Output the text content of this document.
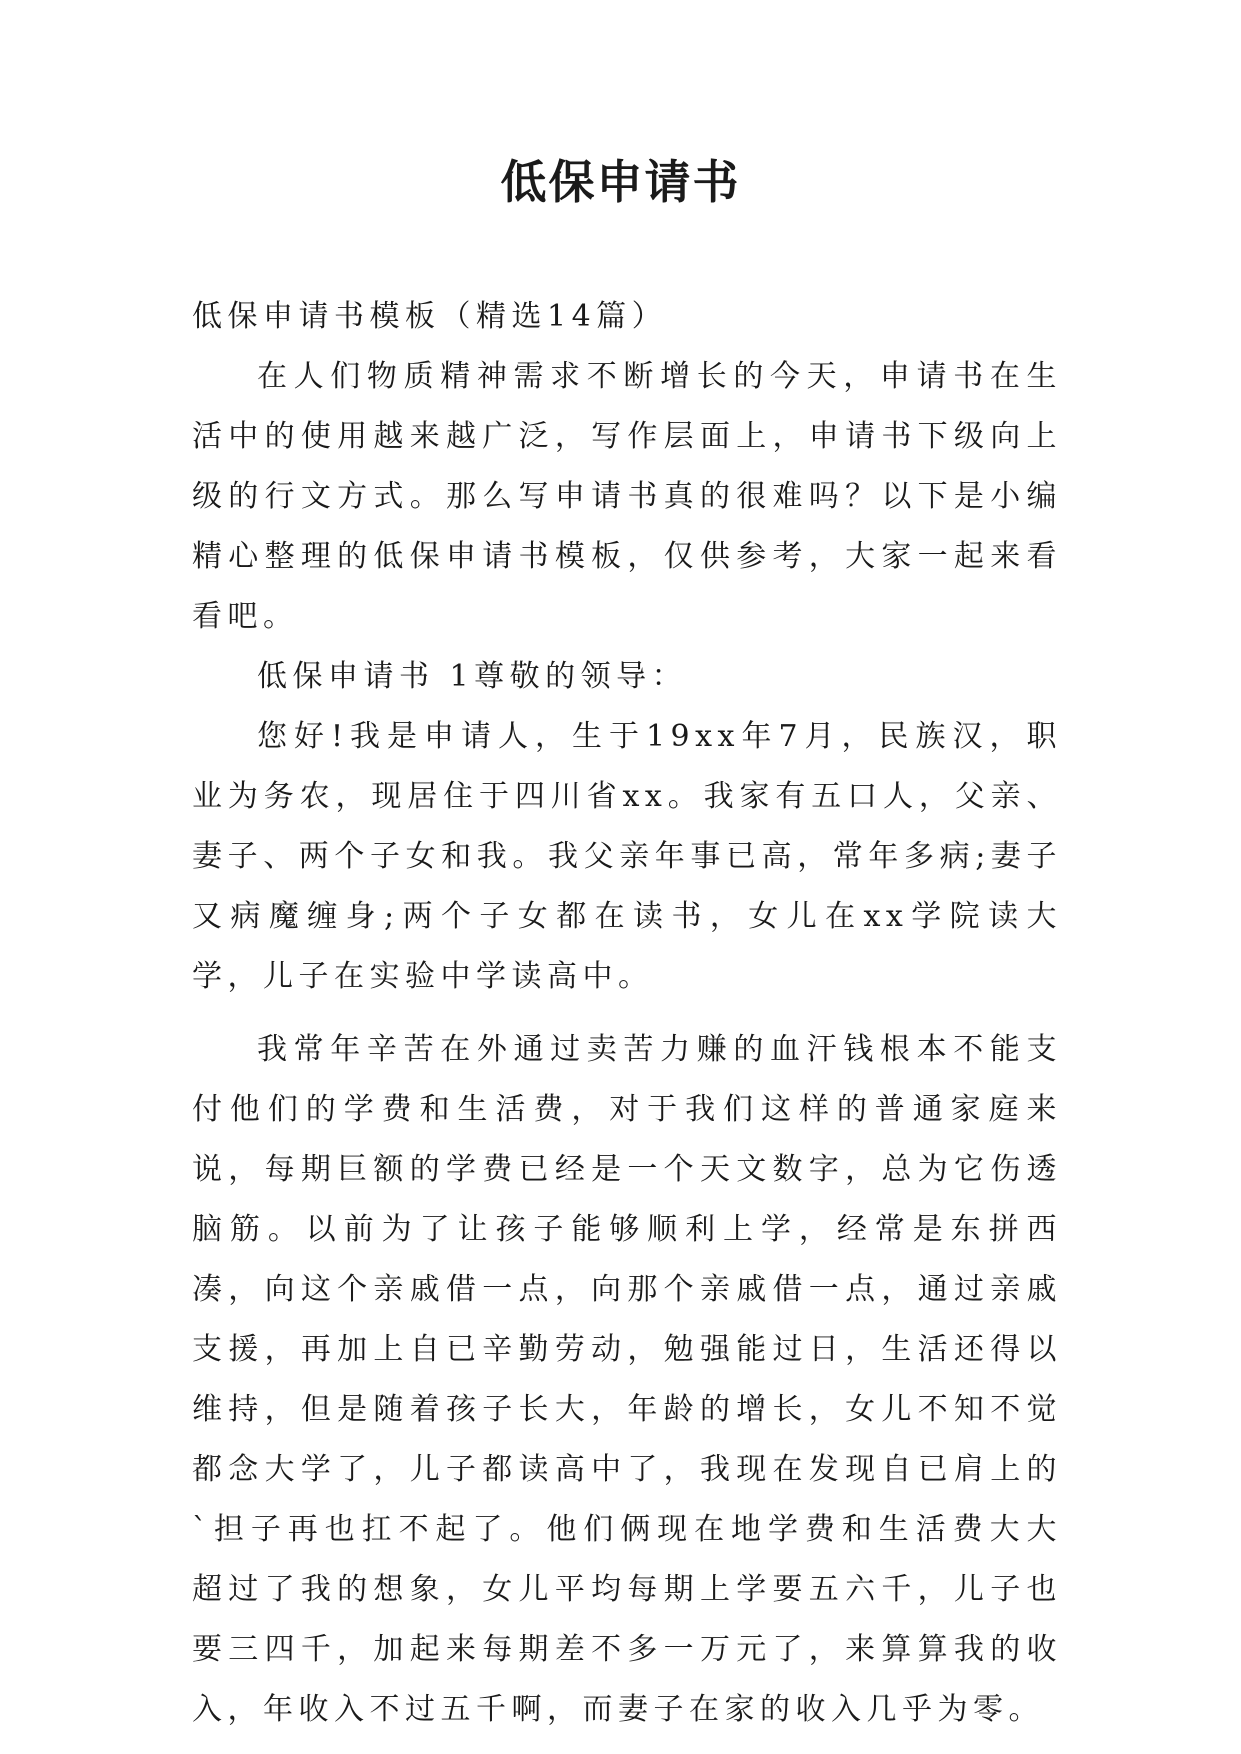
低保申请书

低保申请书模板（精选14篇）

在人们物质精神需求不断增长的今天，申请书在生活中的使用越来越广泛，写作层面上，申请书下级向上级的行文方式。那么写申请书真的很难吗？以下是小编精心整理的低保申请书模板，仅供参考，大家一起来看看吧。

低保申请书 1尊敬的领导：

您好!我是申请人，生于19xx年7月，民族汉，职业为务农，现居住于四川省xx。我家有五口人，父亲、妻子、两个子女和我。我父亲年事已高，常年多病;妻子又病魔缠身;两个子女都在读书，女儿在xx学院读大学，儿子在实验中学读高中。

我常年辛苦在外通过卖苦力赚的血汗钱根本不能支付他们的学费和生活费，对于我们这样的普通家庭来说，每期巨额的学费已经是一个天文数字，总为它伤透脑筋。以前为了让孩子能够顺利上学，经常是东拼西凑，向这个亲戚借一点，向那个亲戚借一点，通过亲戚支援，再加上自已辛勤劳动，勉强能过日，生活还得以维持，但是随着孩子长大，年龄的增长，女儿不知不觉都念大学了，儿子都读高中了，我现在发现自已肩上的`担子再也扛不起了。他们俩现在地学费和生活费大大超过了我的想象，女儿平均每期上学要五六千，儿子也要三四千，加起来每期差不多一万元了，来算算我的收入，年收入不过五千啊，而妻子在家的收入几乎为零。
